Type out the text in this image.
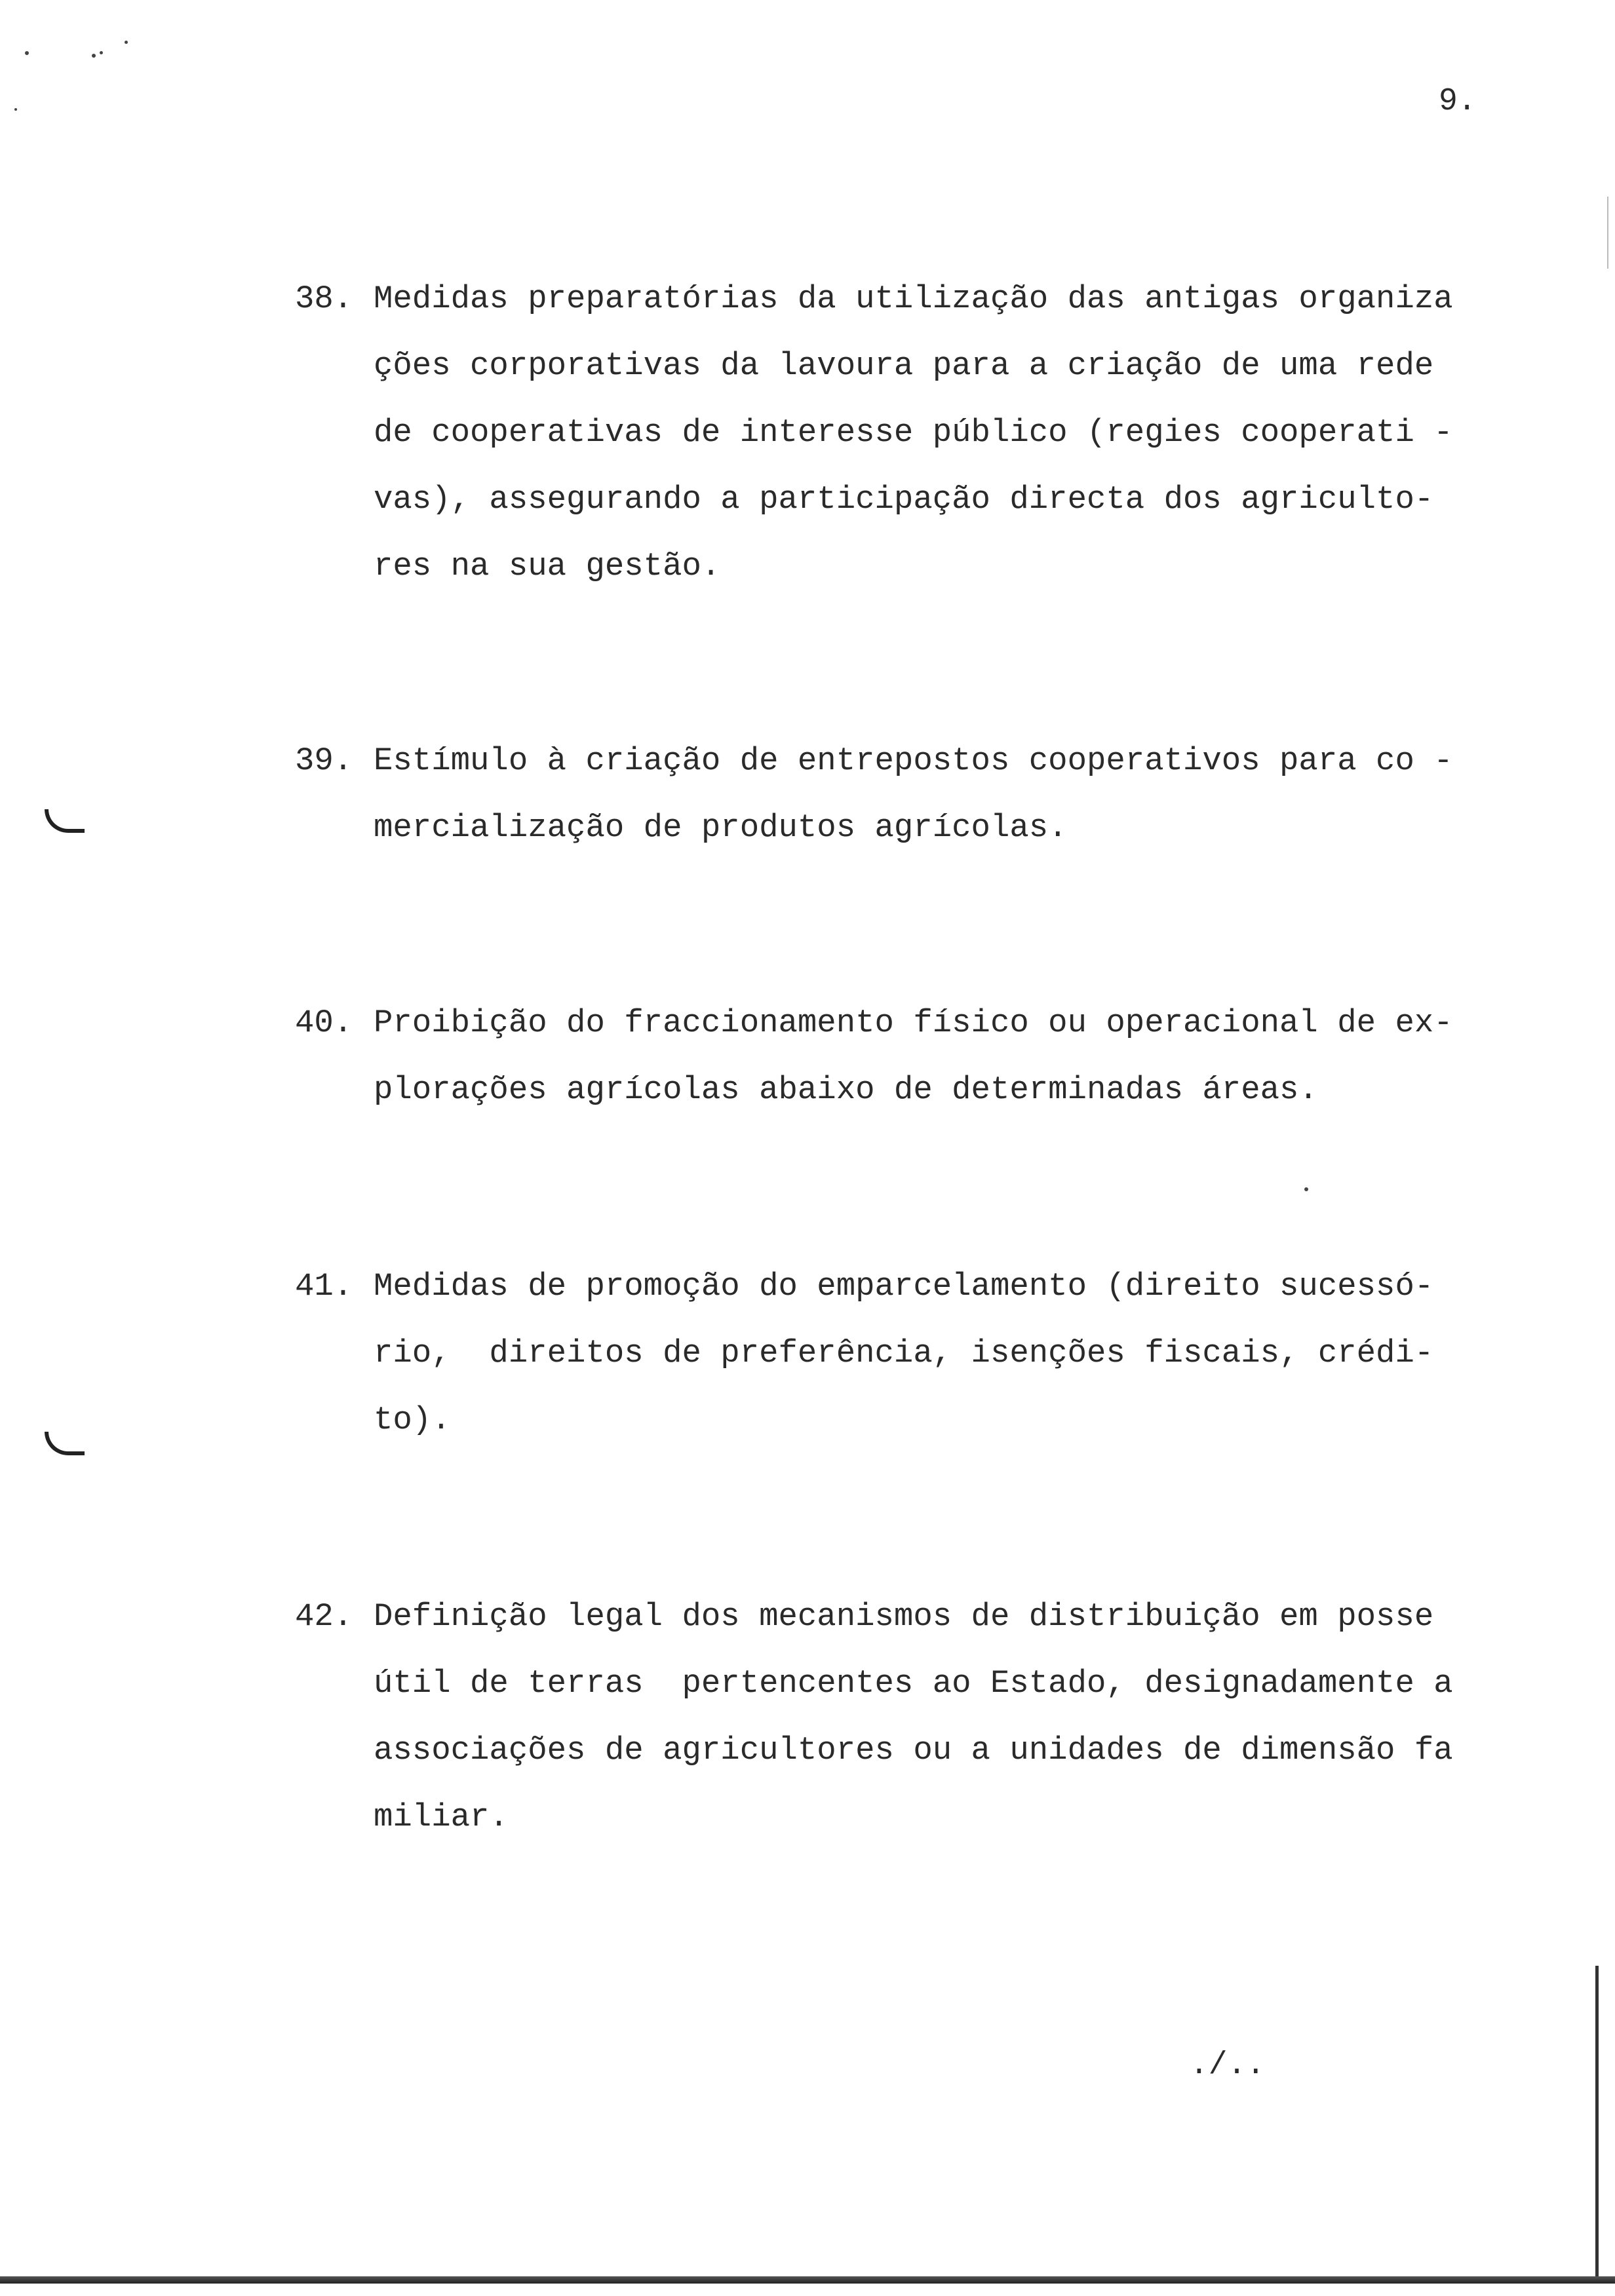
9.
38. Medidas preparatórias da utilização das antigas organiza
ções corporativas da lavoura para a criação de uma rede
de cooperativas de interesse público (regies cooperati -
vas), assegurando a participação directa dos agriculto-
res na sua gestão.
39. Estímulo à criação de entrepostos cooperativos para co -
mercialização de produtos agrícolas.
40. Proibição do fraccionamento físico ou operacional de ex-
plorações agrícolas abaixo de determinadas áreas.
41. Medidas de promoção do emparcelamento (direito sucessó-
rio,  direitos de preferência, isenções fiscais, crédi-
to).
42. Definição legal dos mecanismos de distribuição em posse
útil de terras  pertencentes ao Estado, designadamente a
associações de agricultores ou a unidades de dimensão fa
miliar.
./..
